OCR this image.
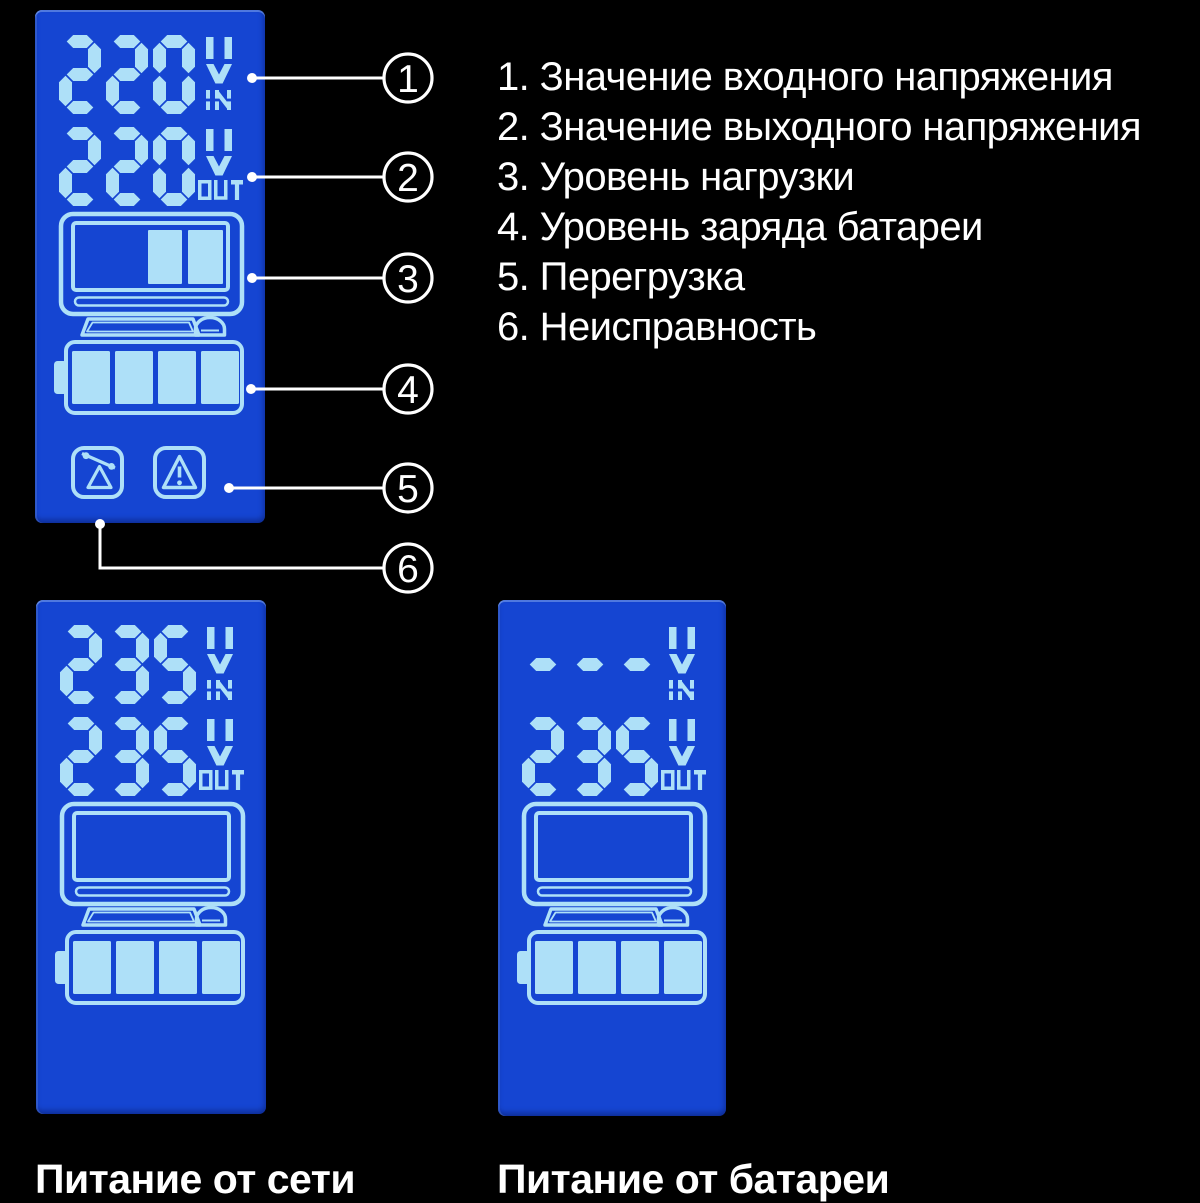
1
2
3
4
5
6
1. Значение входного напряжения
2. Значение выходного напряжения
3. Уровень нагрузки
4. Уровень заряда батареи
5. Перегрузка
6. Неисправность
Питание от сети	Питание от батареи
